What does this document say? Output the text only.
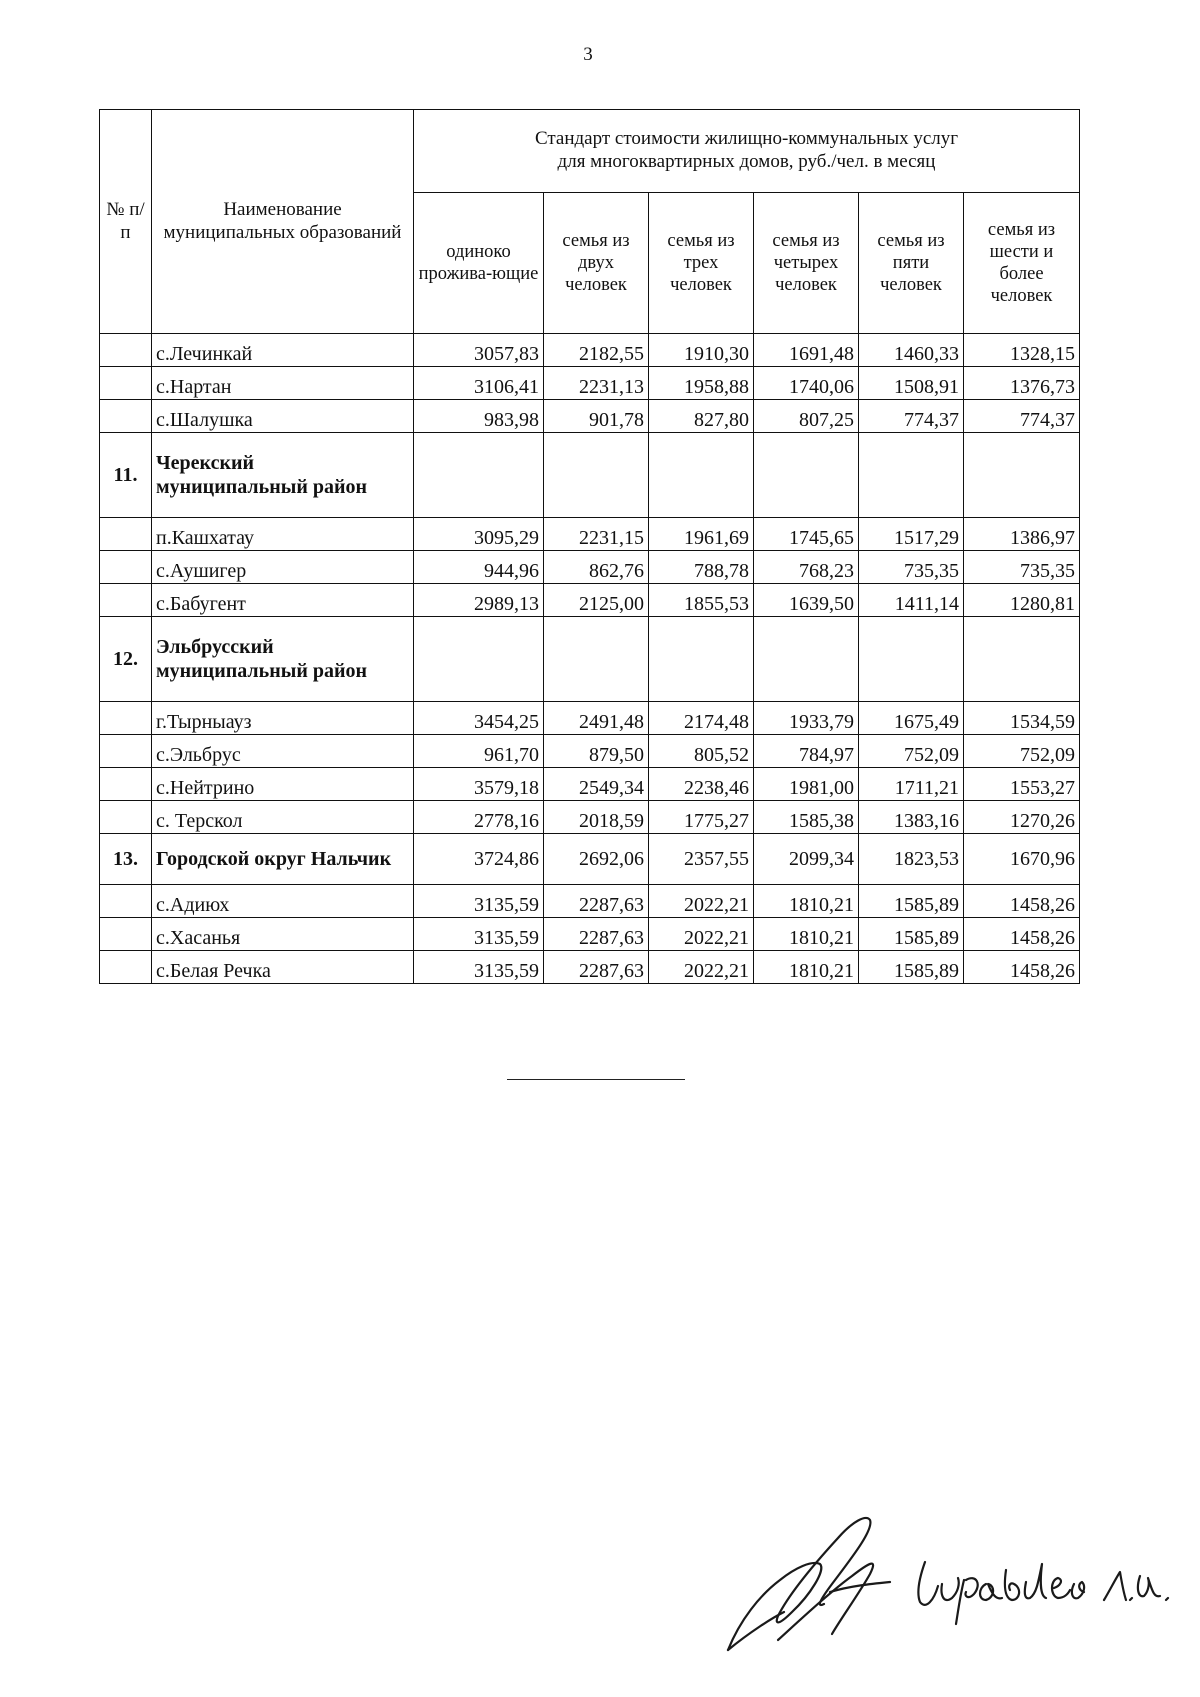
3
№ п/п	Наименование муниципальных образований	Стандарт стоимости жилищно-коммунальных услуг
для многоквартирных домов, руб./чел. в месяц					

		одиноко прожива-ющие	семья из двух человек	семья из трех человек	семья из четырех человек	семья из пяти человек	семья из шести и более человек
	с.Лечинкай	3057,83	2182,55	1910,30	1691,48	1460,33	1328,15
	с.Нартан	3106,41	2231,13	1958,88	1740,06	1508,91	1376,73
	с.Шалушка	983,98	901,78	827,80	807,25	774,37	774,37
11.	Черекский муниципальный район						
	п.Кашхатау	3095,29	2231,15	1961,69	1745,65	1517,29	1386,97
	с.Аушигер	944,96	862,76	788,78	768,23	735,35	735,35
	с.Бабугент	2989,13	2125,00	1855,53	1639,50	1411,14	1280,81
12.	Эльбрусский муниципальный район						
	г.Тырныауз	3454,25	2491,48	2174,48	1933,79	1675,49	1534,59
	с.Эльбрус	961,70	879,50	805,52	784,97	752,09	752,09
	с.Нейтрино	3579,18	2549,34	2238,46	1981,00	1711,21	1553,27
	с. Терскол	2778,16	2018,59	1775,27	1585,38	1383,16	1270,26
13.	Городской округ Нальчик	3724,86	2692,06	2357,55	2099,34	1823,53	1670,96
	с.Адиюх	3135,59	2287,63	2022,21	1810,21	1585,89	1458,26
	с.Хасанья	3135,59	2287,63	2022,21	1810,21	1585,89	1458,26
	с.Белая Речка	3135,59	2287,63	2022,21	1810,21	1585,89	1458,26
